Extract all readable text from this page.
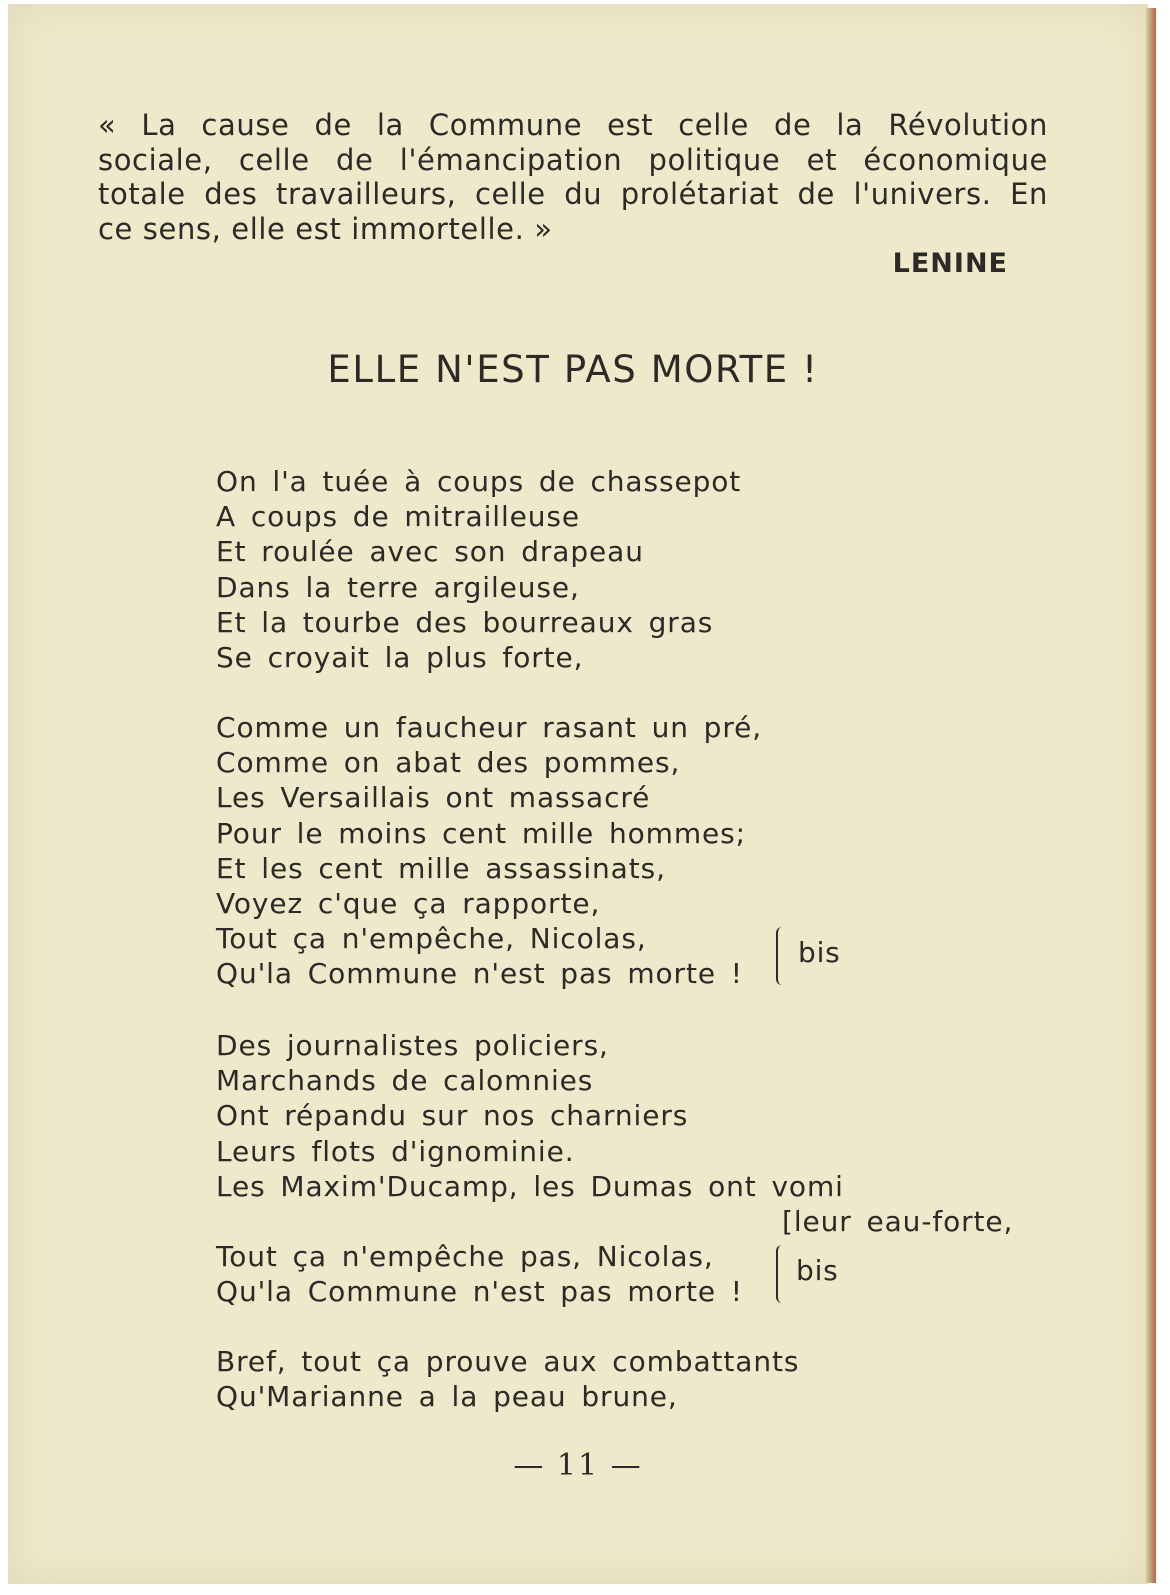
« La cause de la Commune est celle de la Révolution
sociale, celle de l'émancipation politique et économique
totale des travailleurs, celle du prolétariat de l'univers. En
ce sens, elle est immortelle. »
LENINE
ELLE N'EST PAS MORTE !
On l'a tuée à coups de chassepot
A coups de mitrailleuse
Et roulée avec son drapeau
Dans la terre argileuse,
Et la tourbe des bourreaux gras
Se croyait la plus forte,
Comme un faucheur rasant un pré,
Comme on abat des pommes,
Les Versaillais ont massacré
Pour le moins cent mille hommes;
Et les cent mille assassinats,
Voyez c'que ça rapporte,
Tout ça n'empêche, Nicolas,
Qu'la Commune n'est pas morte !
bis
Des journalistes policiers,
Marchands de calomnies
Ont répandu sur nos charniers
Leurs flots d'ignominie.
Les Maxim'Ducamp, les Dumas ont vomi
[leur eau-forte,
Tout ça n'empêche pas, Nicolas,
Qu'la Commune n'est pas morte !
bis
Bref, tout ça prouve aux combattants
Qu'Marianne a la peau brune,
— 11 —
